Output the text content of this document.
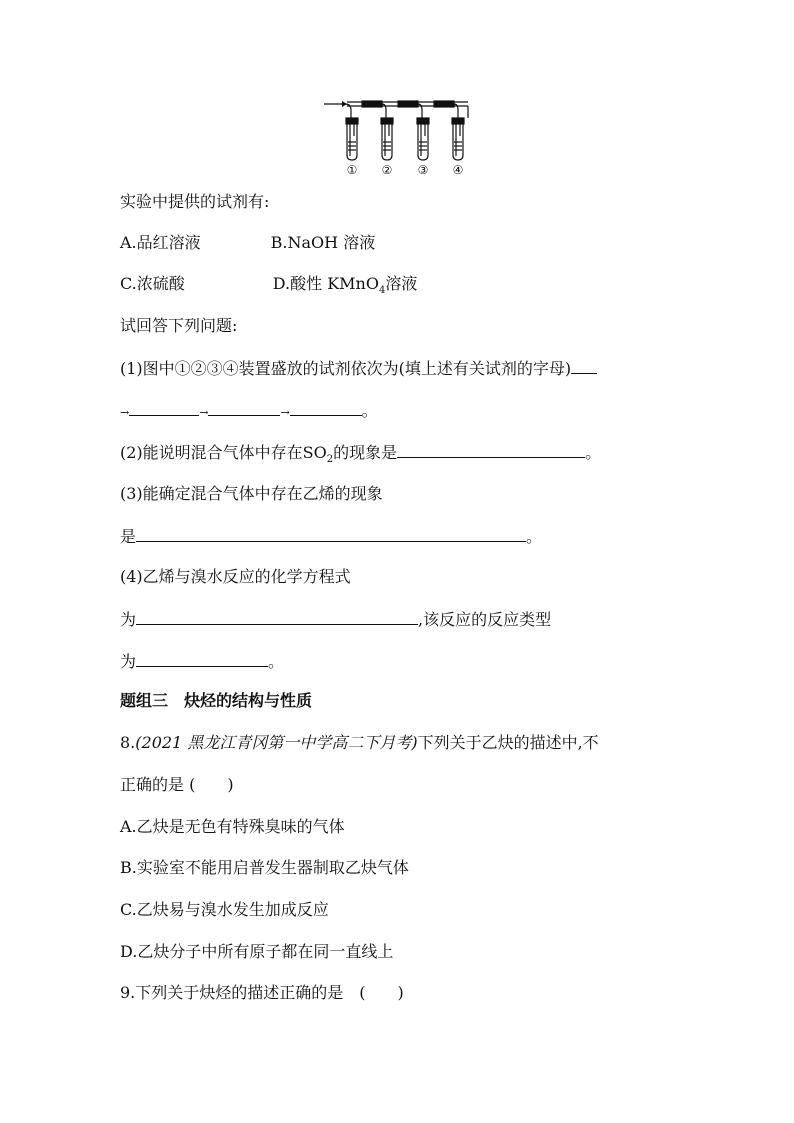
① ② ③ ④
实验中提供的试剂有:
A.品红溶液	B.NaOH 溶液
C.浓硫酸	D.酸性 KMnO$_4$溶液
试回答下列问题:
(1)图中①②③④装置盛放的试剂依次为(填上述有关试剂的字母)
→	→	→	。
(2)能说明混合气体中存在$SO_2$的现象是	。
(3)能确定混合气体中存在乙烯的现象
是	。
(4)乙烯与溴水反应的化学方程式
为	,该反应的反应类型
为	。
题组三　炔烃的结构与性质
8.(2021 黑龙江青冈第一中学高二下月考)下列关于乙炔的描述中,不
正确的是 (　　)
A.乙炔是无色有特殊臭味的气体
B.实验室不能用启普发生器制取乙炔气体
C.乙炔易与溴水发生加成反应
D.乙炔分子中所有原子都在同一直线上
9.下列关于炔烃的描述正确的是　(　　)
